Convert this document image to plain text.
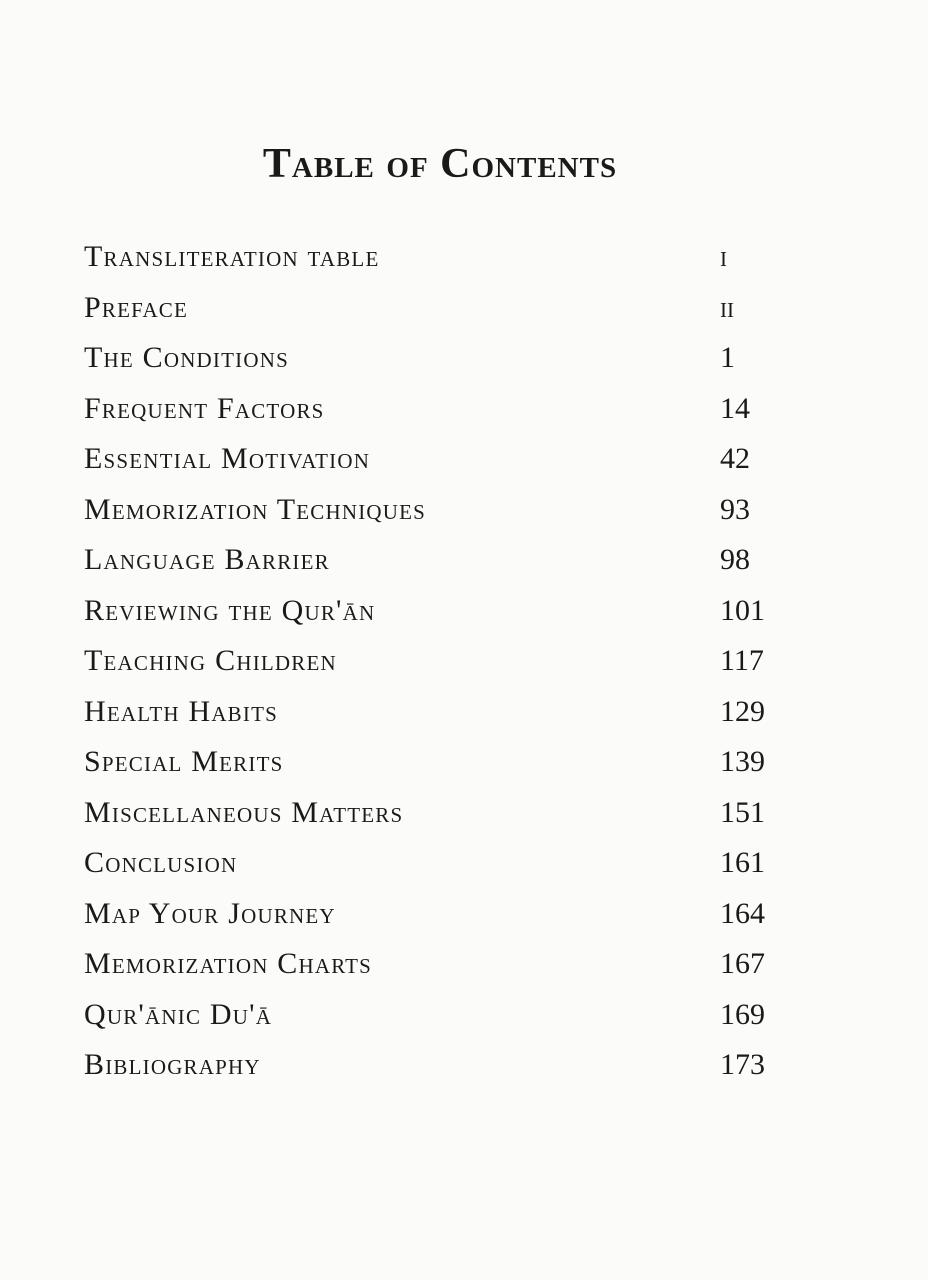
Table of Contents
Transliteration table	i
Preface	ii
The Conditions	1
Frequent Factors	14
Essential Motivation	42
Memorization Techniques	93
Language Barrier	98
Reviewing the Qur'ān	101
Teaching Children	117
Health Habits	129
Special Merits	139
Miscellaneous Matters	151
Conclusion	161
Map Your Journey	164
Memorization Charts	167
Qur'ānic Du'ā	169
Bibliography	173
